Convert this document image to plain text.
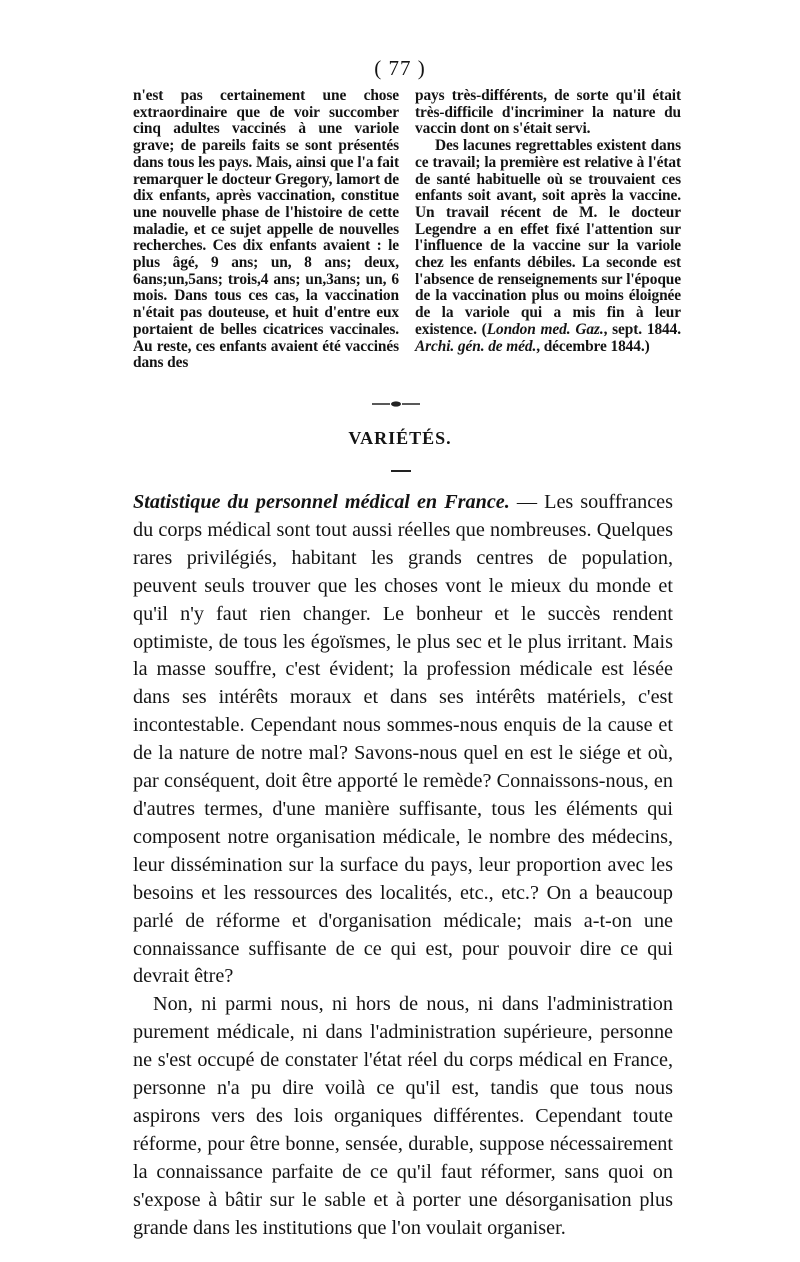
( 77 )

n'est pas certainement une chose extraordinaire que de voir succomber cinq adultes vaccinés à une variole grave; de pareils faits se sont présentés dans tous les pays. Mais, ainsi que l'a fait remarquer le docteur Gregory, lamort de dix enfants, après vaccination, constitue une nouvelle phase de l'histoire de cette maladie, et ce sujet appelle de nouvelles recherches. Ces dix enfants avaient : le plus âgé, 9 ans; un, 8 ans; deux, 6ans;un,5ans; trois,4 ans; un,3ans; un, 6 mois. Dans tous ces cas, la vaccination n'était pas douteuse, et huit d'entre eux portaient de belles cicatrices vaccinales. Au reste, ces enfants avaient été vaccinés dans des

pays très-différents, de sorte qu'il était très-difficile d'incriminer la nature du vaccin dont on s'était servi.

Des lacunes regrettables existent dans ce travail; la première est relative à l'état de santé habituelle où se trouvaient ces enfants soit avant, soit après la vaccine. Un travail récent de M. le docteur Legendre a en effet fixé l'attention sur l'influence de la vaccine sur la variole chez les enfants débiles. La seconde est l'absence de renseignements sur l'époque de la vaccination plus ou moins éloignée de la variole qui a mis fin à leur existence. (London med. Gaz., sept. 1844. Archi. gén. de méd., décembre 1844.)

VARIÉTÉS.

Statistique du personnel médical en France. — Les souffrances du corps médical sont tout aussi réelles que nombreuses. Quelques rares privilégiés, habitant les grands centres de population, peuvent seuls trouver que les choses vont le mieux du monde et qu'il n'y faut rien changer. Le bonheur et le succès rendent optimiste, de tous les égoïsmes, le plus sec et le plus irritant. Mais la masse souffre, c'est évident; la profession médicale est lésée dans ses intérêts moraux et dans ses intérêts matériels, c'est incontestable. Cependant nous sommes-nous enquis de la cause et de la nature de notre mal? Savons-nous quel en est le siége et où, par conséquent, doit être apporté le remède? Connaissons-nous, en d'autres termes, d'une manière suffisante, tous les éléments qui composent notre organisation médicale, le nombre des médecins, leur dissémination sur la surface du pays, leur proportion avec les besoins et les ressources des localités, etc., etc.? On a beaucoup parlé de réforme et d'organisation médicale; mais a-t-on une connaissance suffisante de ce qui est, pour pouvoir dire ce qui devrait être?

Non, ni parmi nous, ni hors de nous, ni dans l'administration purement médicale, ni dans l'administration supérieure, personne ne s'est occupé de constater l'état réel du corps médical en France, personne n'a pu dire voilà ce qu'il est, tandis que tous nous aspirons vers des lois organiques différentes. Cependant toute réforme, pour être bonne, sensée, durable, suppose nécessairement la connaissance parfaite de ce qu'il faut réformer, sans quoi on s'expose à bâtir sur le sable et à porter une désorganisation plus grande dans les institutions que l'on voulait organiser.
